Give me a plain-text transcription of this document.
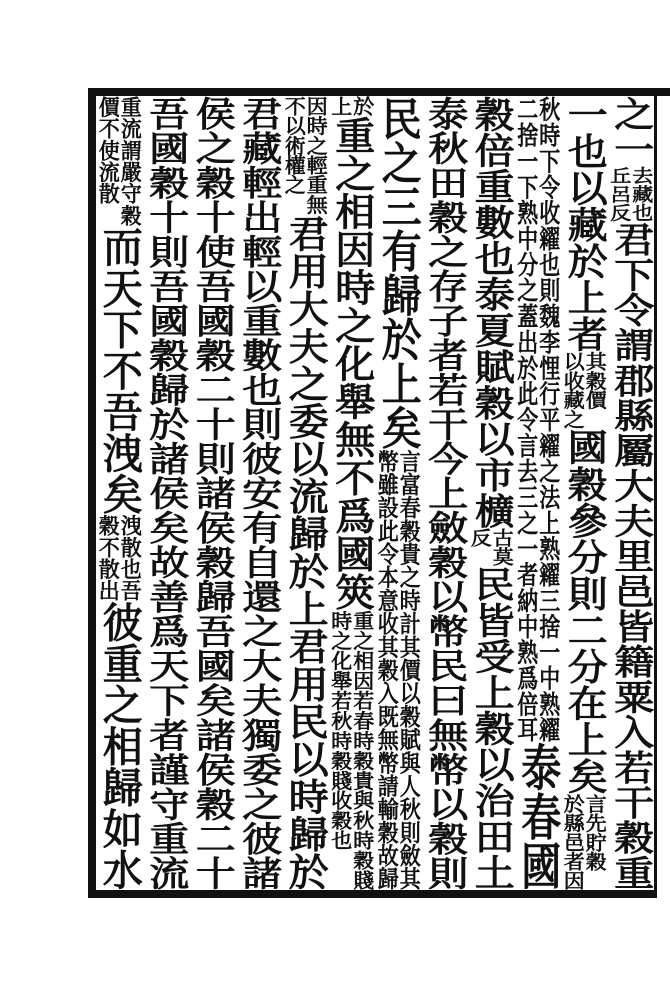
之一
去藏也
丘呂反
君下令謂郡縣屬大夫里邑皆籍粟入若干穀重
一也以藏於上者
其穀價
以收藏之
國穀參分則二分在上矣
言先貯穀
於縣邑者因
秋時下令收糴也則魏李悝行平糴之法上熟糴三捨一中熟糴
二捨一下熟中分之蓋出於此令言去三之一者納中熟爲倍耳
泰春國
穀倍重數也泰夏賦穀以市櫎
古莫
反
民皆受上穀以治田土
泰秋田穀之存子者若干今上斂穀以幣民曰無幣以穀則
民之三有歸於上矣
言富春穀貴之時計其價以穀賦與人秋則斂其
幣雖設此令本意收其穀入既無幣請輸穀故歸
於
上
重之相因時之化舉無不爲國筴
重之相因若春時穀貴與秋時穀賤
時之化舉若秋時穀賤收穀也
因時之輕重無
不以術權之
君用大夫之委以流歸於上君用民以時歸於
君藏輕出輕以重數也則彼安有自還之大夫獨委之彼諸
侯之穀十使吾國穀二十則諸侯穀歸吾國矣諸侯穀二十
吾國穀十則吾國穀歸於諸侯矣故善爲天下者謹守重流
重流謂嚴守穀
價不使流散
而天下不吾洩矣
洩散也吾
穀不散出
彼重之相歸如水
